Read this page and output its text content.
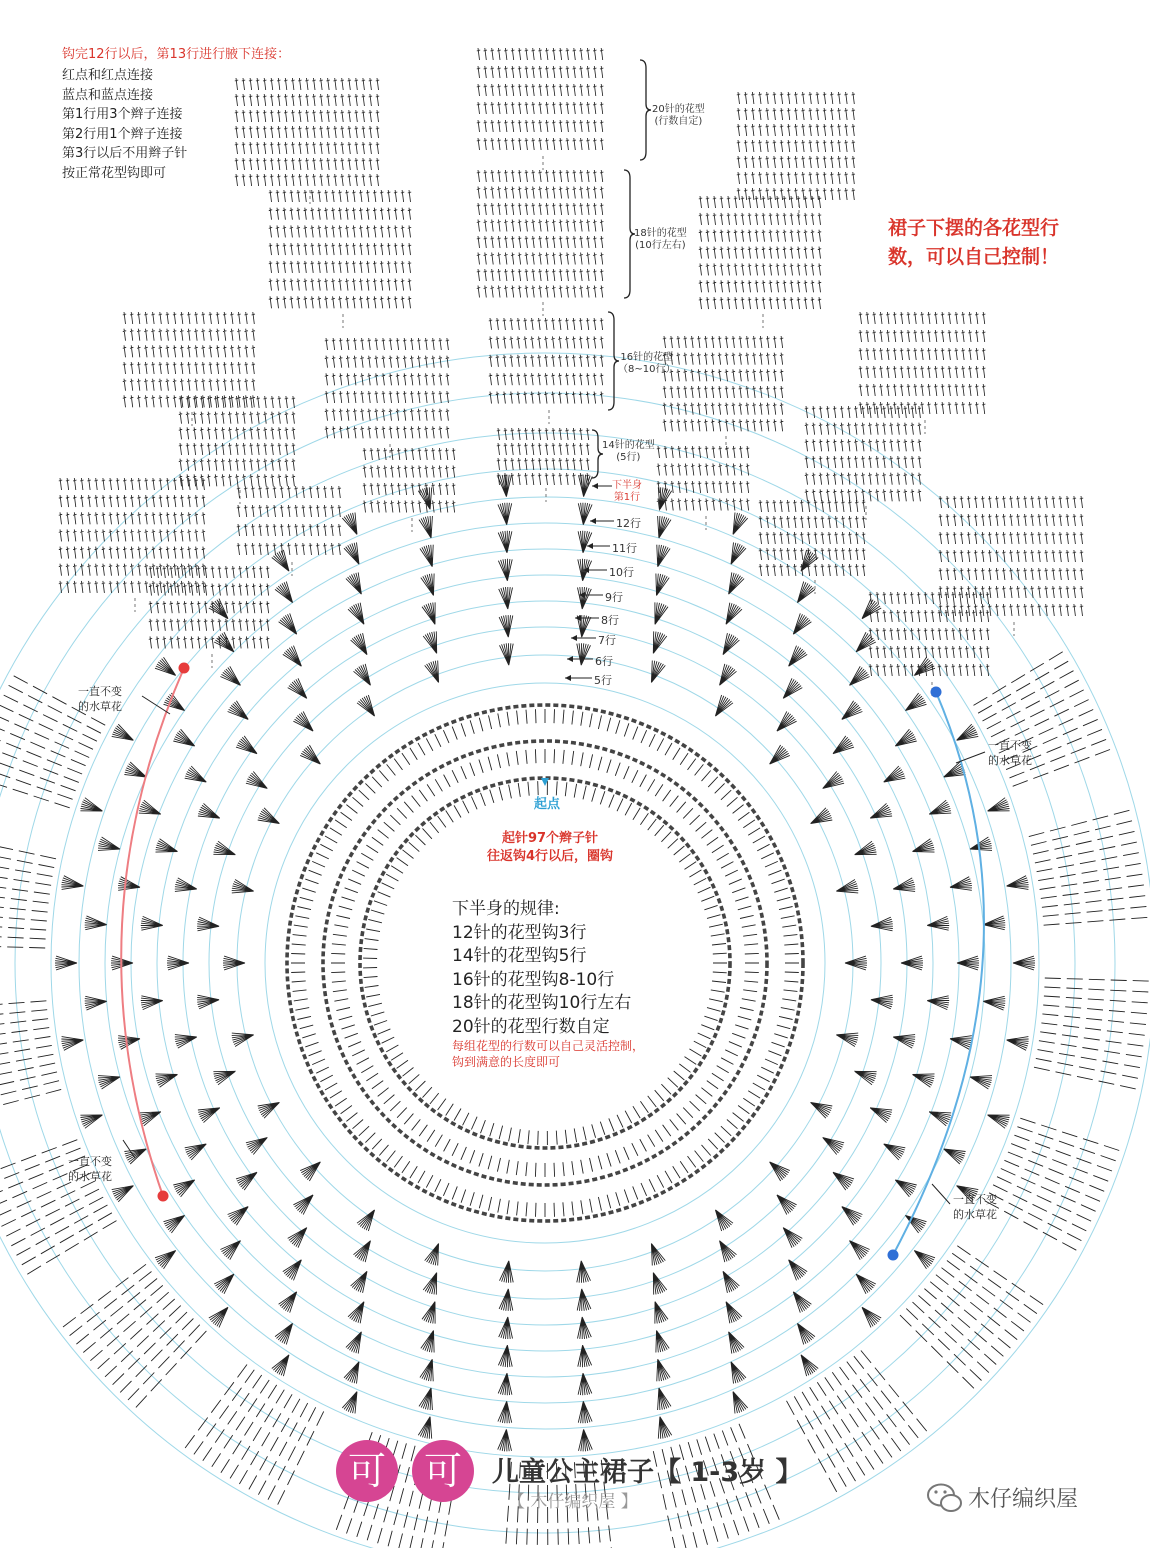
钩完12行以后，第13行进行腋下连接：
红点和红点连接
蓝点和蓝点连接
第1行用3个辫子连接
第2行用1个辫子连接
第3行以后不用辫子针
按正常花型钩即可
裙子下摆的各花型行
数，可以自己控制！
20针的花型
(行数自定)
18针的花型
(10行左右)
16针的花型
（8~10行）
14针的花型
(5行)
下半身
第1行
12行
11行
10行
9行
8行
7行
6行
5行
起点
起针97个辫子针
往返钩4行以后，圈钩
下半身的规律:
12针的花型钩3行
14针的花型钩5行
16针的花型钩8-10行
18针的花型钩10行左右
20针的花型行数自定
每组花型的行数可以自己灵活控制，
钩到满意的长度即可
一直不变
的水草花
一直不变
的水草花
一直不变
的水草花
一直不变
的水草花
可 可	儿童公主裙子【 1-3岁 】
【 木仔编织屋 】	木仔编织屋
